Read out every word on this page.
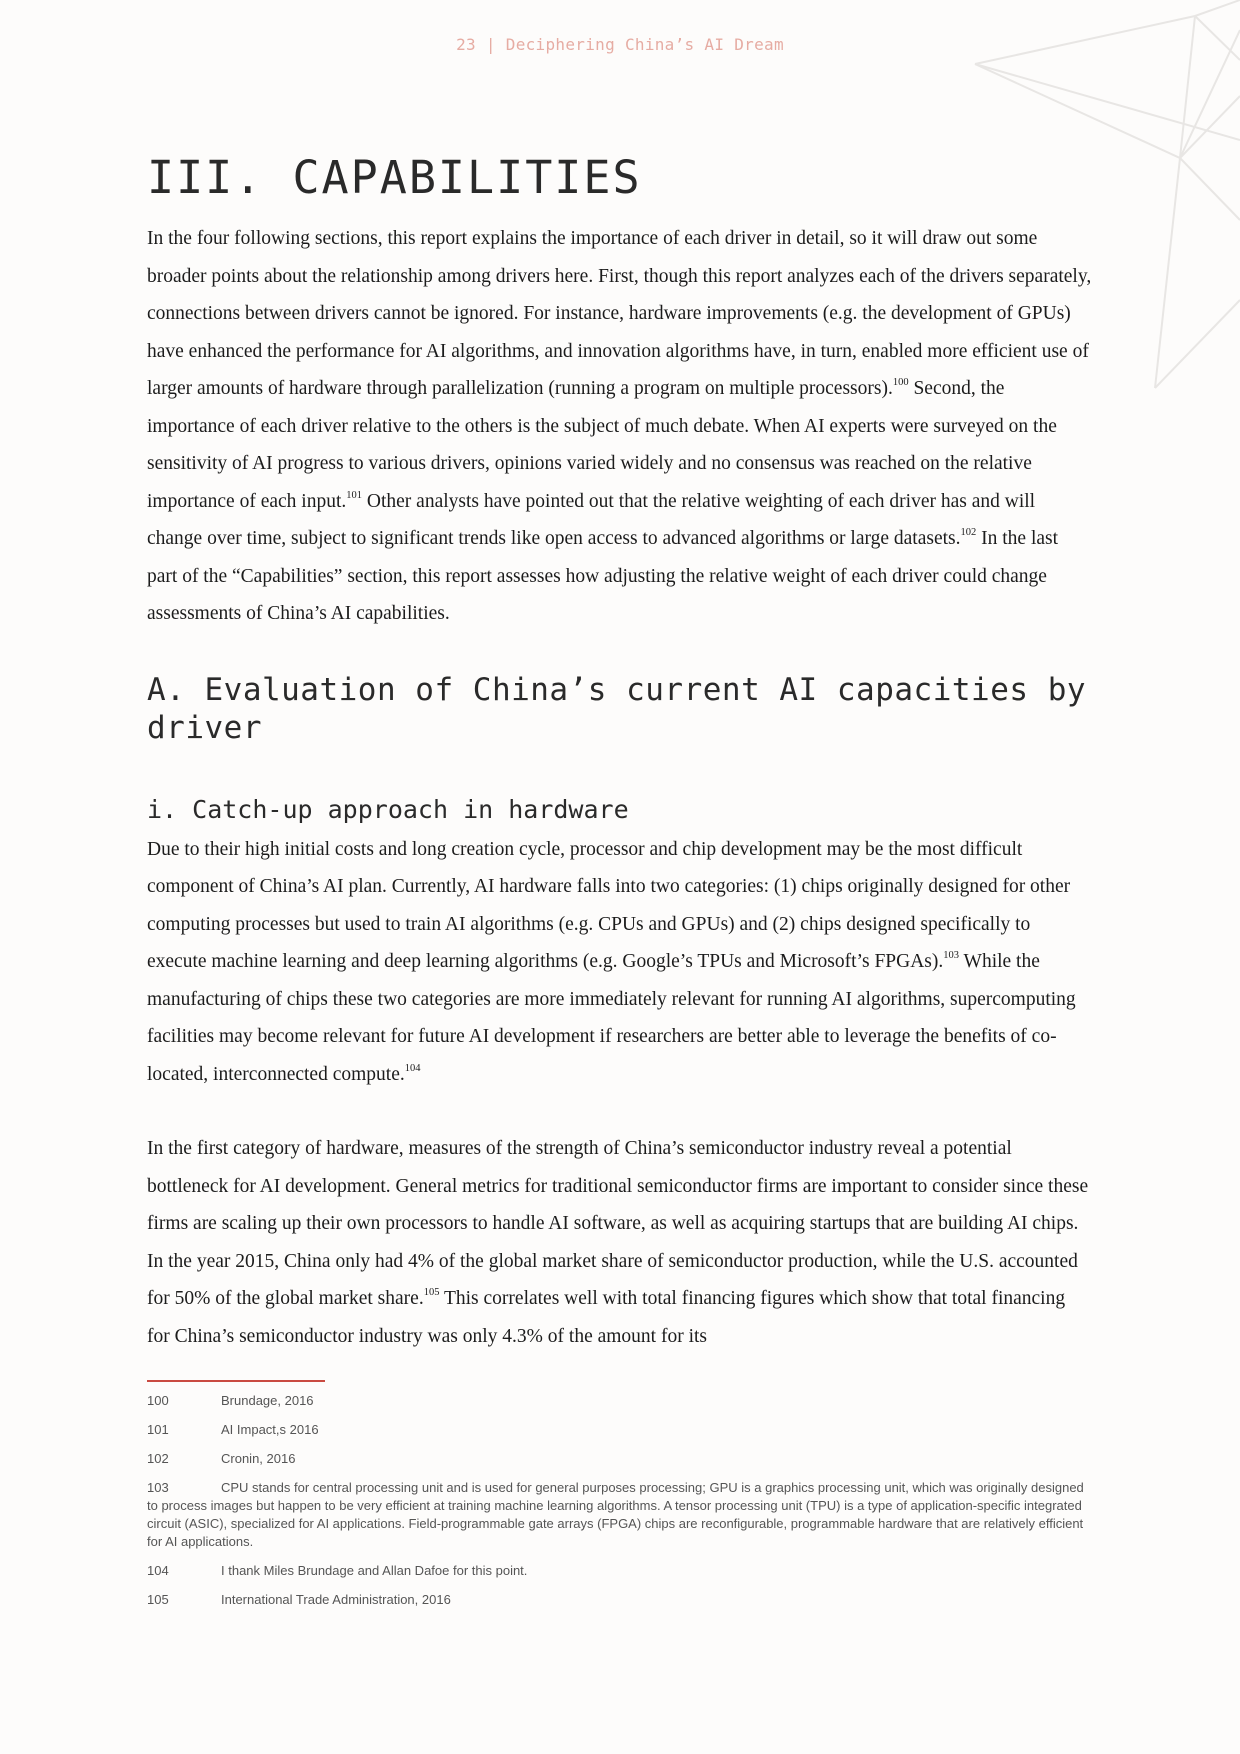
23 | Deciphering China’s AI Dream
III. CAPABILITIES

In the four following sections, this report explains the importance of each driver in detail, so it will draw out some broader points about the relationship among drivers here. First, though this report analyzes each of the drivers separately, connections between drivers cannot be ignored. For instance, hardware improvements (e.g. the development of GPUs) have enhanced the performance for AI algorithms, and innovation algorithms have, in turn, enabled more efficient use of larger amounts of hardware through parallelization (running a program on multiple processors).$^{100}$ Second, the importance of each driver relative to the others is the subject of much debate. When AI experts were surveyed on the sensitivity of AI progress to various drivers, opinions varied widely and no consensus was reached on the relative importance of each input.$^{101}$ Other analysts have pointed out that the relative weighting of each driver has and will change over time, subject to significant trends like open access to advanced algorithms or large datasets.$^{102}$ In the last part of the “Capabilities” section, this report assesses how adjusting the relative weight of each driver could change assessments of China’s AI capabilities.

A. Evaluation of China’s current AI capacities by driver
i. Catch-up approach in hardware

Due to their high initial costs and long creation cycle, processor and chip development may be the most difficult component of China’s AI plan. Currently, AI hardware falls into two categories: (1) chips originally designed for other computing processes but used to train AI algorithms (e.g. CPUs and GPUs) and (2) chips designed specifically to execute machine learning and deep learning algorithms (e.g. Google’s TPUs and Microsoft’s FPGAs).$^{103}$ While the manufacturing of chips these two categories are more immediately relevant for running AI algorithms, supercomputing facilities may become relevant for future AI development if researchers are better able to leverage the benefits of co-located, interconnected compute.$^{104}$

In the first category of hardware, measures of the strength of China’s semiconductor industry reveal a potential bottleneck for AI development. General metrics for traditional semiconductor firms are important to consider since these firms are scaling up their own processors to handle AI software, as well as acquiring startups that are building AI chips. In the year 2015, China only had 4% of the global market share of semiconductor production, while the U.S. accounted for 50% of the global market share.$^{105}$ This correlates well with total financing figures which show that total financing for China’s semiconductor industry was only 4.3% of the amount for its

100	Brundage, 2016
101	AI Impact,s 2016
102	Cronin, 2016
103	CPU stands for central processing unit and is used for general purposes processing; GPU is a graphics processing unit, which was originally designed to process images but happen to be very efficient at training machine learning algorithms. A tensor processing unit (TPU) is a type of application-specific integrated circuit (ASIC), specialized for AI applications. Field-programmable gate arrays (FPGA) chips are reconfigurable, programmable hardware that are relatively efficient for AI applications.
104	I thank Miles Brundage and Allan Dafoe for this point.
105	International Trade Administration, 2016
